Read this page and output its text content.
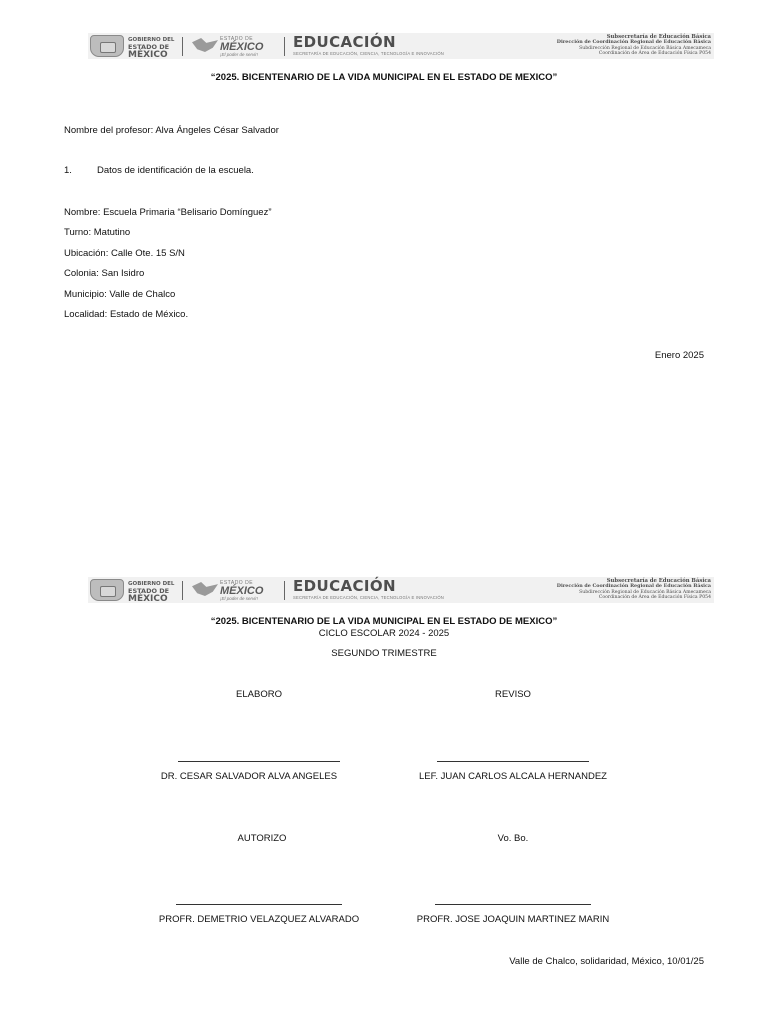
GOBIERNO DEL
ESTADO DE
MÉXICO
ESTADO DE
MÉXICO
¡El poder de servir!
EDUCACIÓN
SECRETARÍA DE EDUCACIÓN, CIENCIA, TECNOLOGÍA E INNOVACIÓN
Subsecretaría de Educación Básica
Dirección de Coordinación Regional de Educación Básica
Subdirección Regional de Educación Básica Amecameca
Coordinación de Área de Educación Física P054
“2025. BICENTENARIO DE LA VIDA MUNICIPAL EN EL ESTADO DE MEXICO”
Nombre del profesor: Alva Ángeles César Salvador
1.	Datos de identificación de la escuela.
Nombre: Escuela Primaria “Belisario Domínguez”
Turno: Matutino
Ubicación: Calle Ote. 15 S/N
Colonia: San Isidro
Municipio: Valle de Chalco
Localidad: Estado de México.
Enero 2025
GOBIERNO DEL
ESTADO DE
MÉXICO
ESTADO DE
MÉXICO
¡El poder de servir!
EDUCACIÓN
SECRETARÍA DE EDUCACIÓN, CIENCIA, TECNOLOGÍA E INNOVACIÓN
Subsecretaría de Educación Básica
Dirección de Coordinación Regional de Educación Básica
Subdirección Regional de Educación Básica Amecameca
Coordinación de Área de Educación Física P054
“2025. BICENTENARIO DE LA VIDA MUNICIPAL EN EL ESTADO DE MEXICO”
CICLO ESCOLAR 2024 - 2025
SEGUNDO TRIMESTRE
ELABORO	REVISO
DR. CESAR SALVADOR ALVA ANGELES	LEF. JUAN CARLOS ALCALA HERNANDEZ
AUTORIZO	Vo. Bo.
PROFR. DEMETRIO VELAZQUEZ ALVARADO	PROFR. JOSE JOAQUIN MARTINEZ MARIN
Valle de Chalco, solidaridad, México, 10/01/25
